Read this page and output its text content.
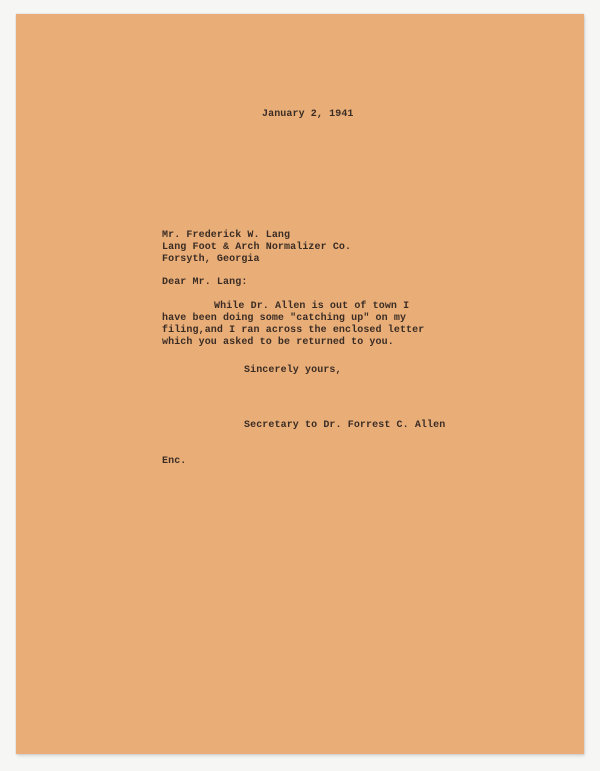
January 2, 1941
Mr. Frederick W. Lang
Lang Foot & Arch Normalizer Co.
Forsyth, Georgia
Dear Mr. Lang:
While Dr. Allen is out of town I
have been doing some "catching up" on my
filing,and I ran across the enclosed letter
which you asked to be returned to you.
Sincerely yours,
Secretary to Dr. Forrest C. Allen
Enc.
